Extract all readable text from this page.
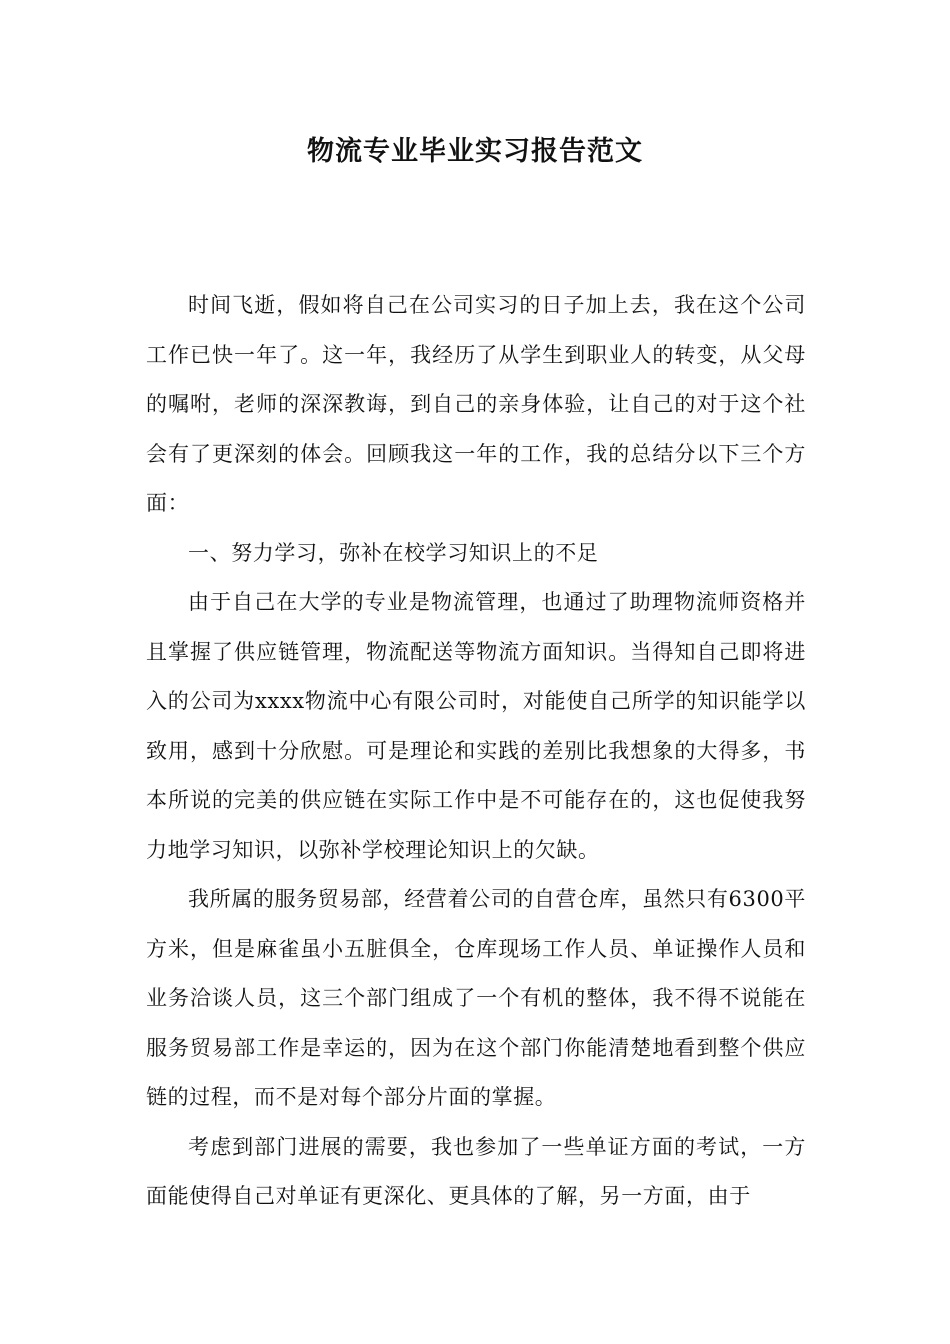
物流专业毕业实习报告范文

时间飞逝，假如将自己在公司实习的日子加上去，我在这个公司工作已快一年了。这一年，我经历了从学生到职业人的转变，从父母的嘱咐，老师的深深教诲，到自己的亲身体验，让自己的对于这个社会有了更深刻的体会。回顾我这一年的工作，我的总结分以下三个方面：

一、努力学习，弥补在校学习知识上的不足

由于自己在大学的专业是物流管理，也通过了助理物流师资格并且掌握了供应链管理，物流配送等物流方面知识。当得知自己即将进入的公司为xxxx物流中心有限公司时，对能使自己所学的知识能学以致用，感到十分欣慰。可是理论和实践的差别比我想象的大得多，书本所说的完美的供应链在实际工作中是不可能存在的，这也促使我努力地学习知识，以弥补学校理论知识上的欠缺。

我所属的服务贸易部，经营着公司的自营仓库，虽然只有6300平方米，但是麻雀虽小五脏俱全，仓库现场工作人员、单证操作人员和业务洽谈人员，这三个部门组成了一个有机的整体，我不得不说能在服务贸易部工作是幸运的，因为在这个部门你能清楚地看到整个供应链的过程，而不是对每个部分片面的掌握。

考虑到部门进展的需要，我也参加了一些单证方面的考试，一方面能使得自己对单证有更深化、更具体的了解，另一方面，由于
